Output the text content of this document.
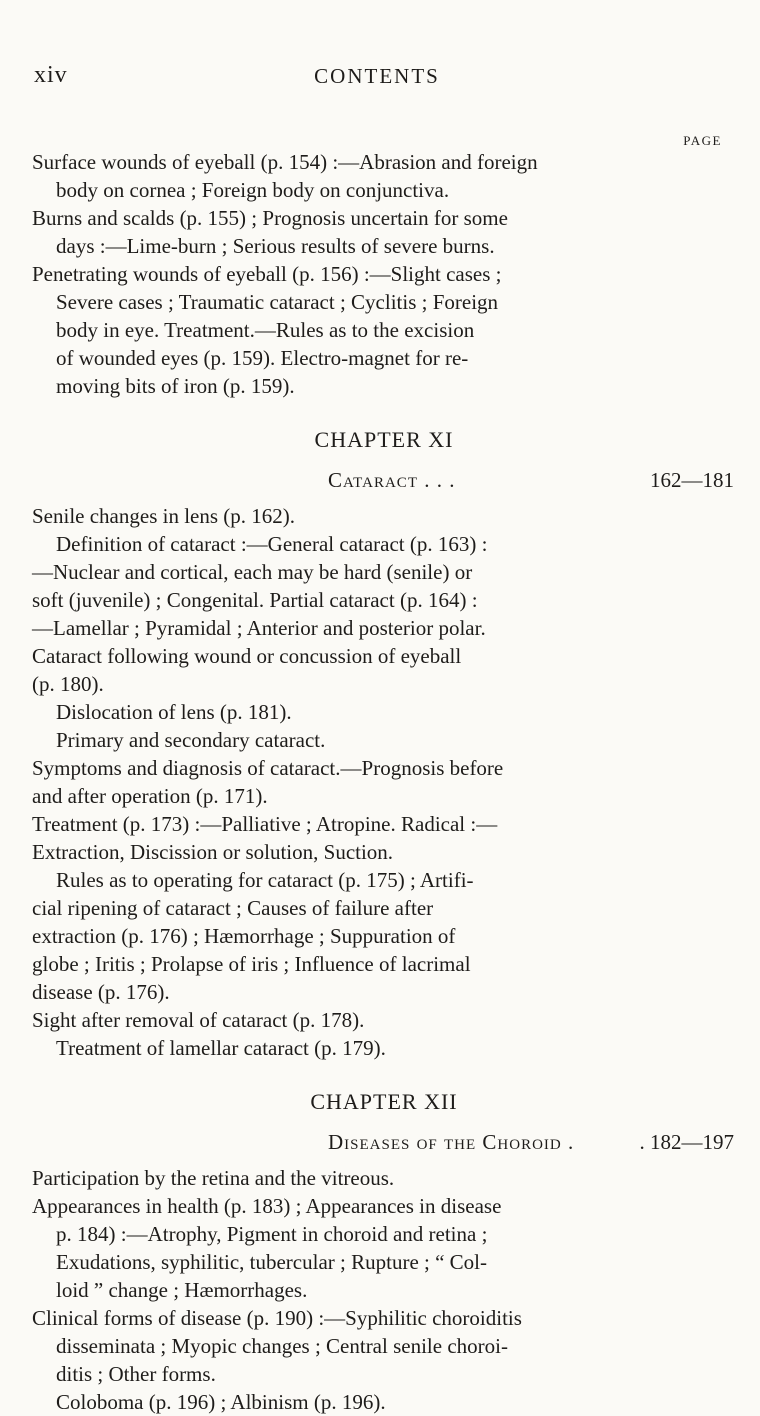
xiv	CONTENTS
PAGE
Surface wounds of eyeball (p. 154) :—Abrasion and foreign
body on cornea ; Foreign body on conjunctiva.
Burns and scalds (p. 155) ; Prognosis uncertain for some
days :—Lime-burn ; Serious results of severe burns.
Penetrating wounds of eyeball (p. 156) :—Slight cases ;
Severe cases ; Traumatic cataract ; Cyclitis ; Foreign
body in eye. Treatment.—Rules as to the excision
of wounded eyes (p. 159). Electro-magnet for re-
moving bits of iron (p. 159).
CHAPTER XI
Cataract . . .	162—181
Senile changes in lens (p. 162).
Definition of cataract :—General cataract (p. 163) :
—Nuclear and cortical, each may be hard (senile) or
soft (juvenile) ; Congenital. Partial cataract (p. 164) :
—Lamellar ; Pyramidal ; Anterior and posterior polar.
Cataract following wound or concussion of eyeball
(p. 180).
Dislocation of lens (p. 181).
Primary and secondary cataract.
Symptoms and diagnosis of cataract.—Prognosis before
and after operation (p. 171).
Treatment (p. 173) :—Palliative ; Atropine. Radical :—
Extraction, Discission or solution, Suction.
Rules as to operating for cataract (p. 175) ; Artifi-
cial ripening of cataract ; Causes of failure after
extraction (p. 176) ; Hæmorrhage ; Suppuration of
globe ; Iritis ; Prolapse of iris ; Influence of lacrimal
disease (p. 176).
Sight after removal of cataract (p. 178).
Treatment of lamellar cataract (p. 179).
CHAPTER XII
Diseases of the Choroid .	. 182—197
Participation by the retina and the vitreous.
Appearances in health (p. 183) ; Appearances in disease
p. 184) :—Atrophy, Pigment in choroid and retina ;
Exudations, syphilitic, tubercular ; Rupture ; “ Col-
loid ” change ; Hæmorrhages.
Clinical forms of disease (p. 190) :—Syphilitic choroiditis
disseminata ; Myopic changes ; Central senile choroi-
ditis ; Other forms.
Coloboma (p. 196) ; Albinism (p. 196).
